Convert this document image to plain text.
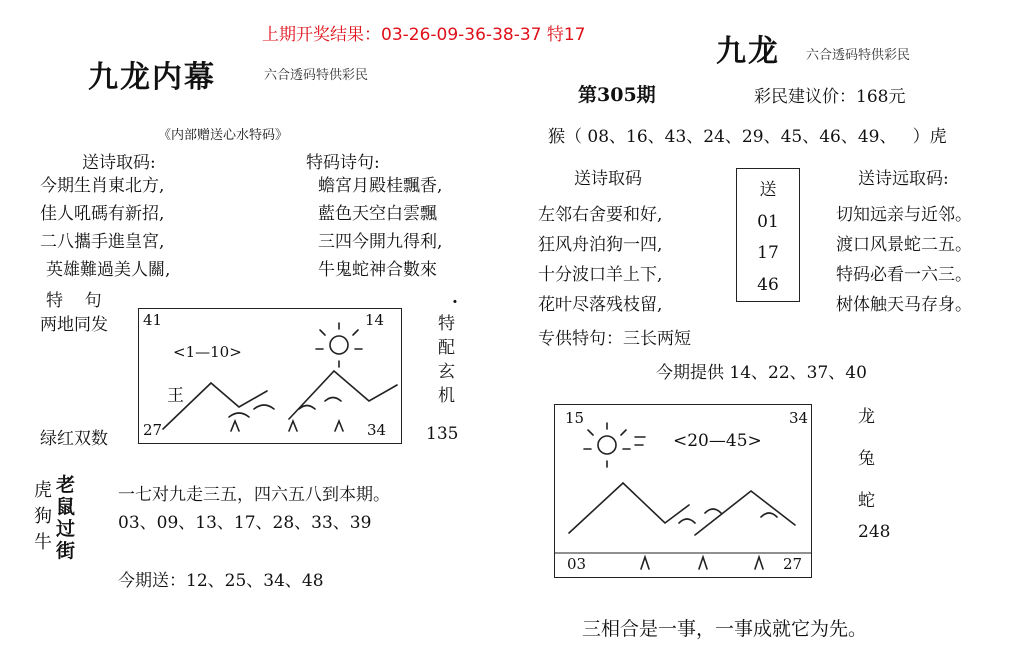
上期开奖结果：03-26-09-36-38-37 特17
九龙内幕	六合透码特供彩民
《内部赠送心水特码》
送诗取码:
今期生肖東北方,
佳人吼碼有新招,
二八攜手進皇宮,
英雄難過美人關,
特码诗句:
蟾宮月殿桂飄香,
藍色天空白雲飄
三四今開九得利,
牛鬼蛇神合數來
特    句
两地同发
.
特
配
玄
机
41	14
27	34
<1—10>
王
绿红双数	135
虎
狗
牛
老
鼠
过
街
一七对九走三五，四六五八到本期。
03、09、13、17、28、33、39
今期送：12、25、34、48
九龙 六合透码特供彩民
第305期	彩民建议价：168元
猴（ 08、16、43、24、29、45、46、49、   ）虎
送诗取码
左邻右舍要和好,
狂风舟泊狗一四,
十分波口羊上下,
花叶尽落残枝留,
送
01
17
46
送诗远取码:
切知远亲与近邻。
渡口风景蛇二五。
特码必看一六三。
树体触天马存身。
专供特句：三长两短
今期提供 14、22、37、40
15	34
03	27
<20—45>
龙
兔
蛇
248
三相合是一事，一事成就它为先。
